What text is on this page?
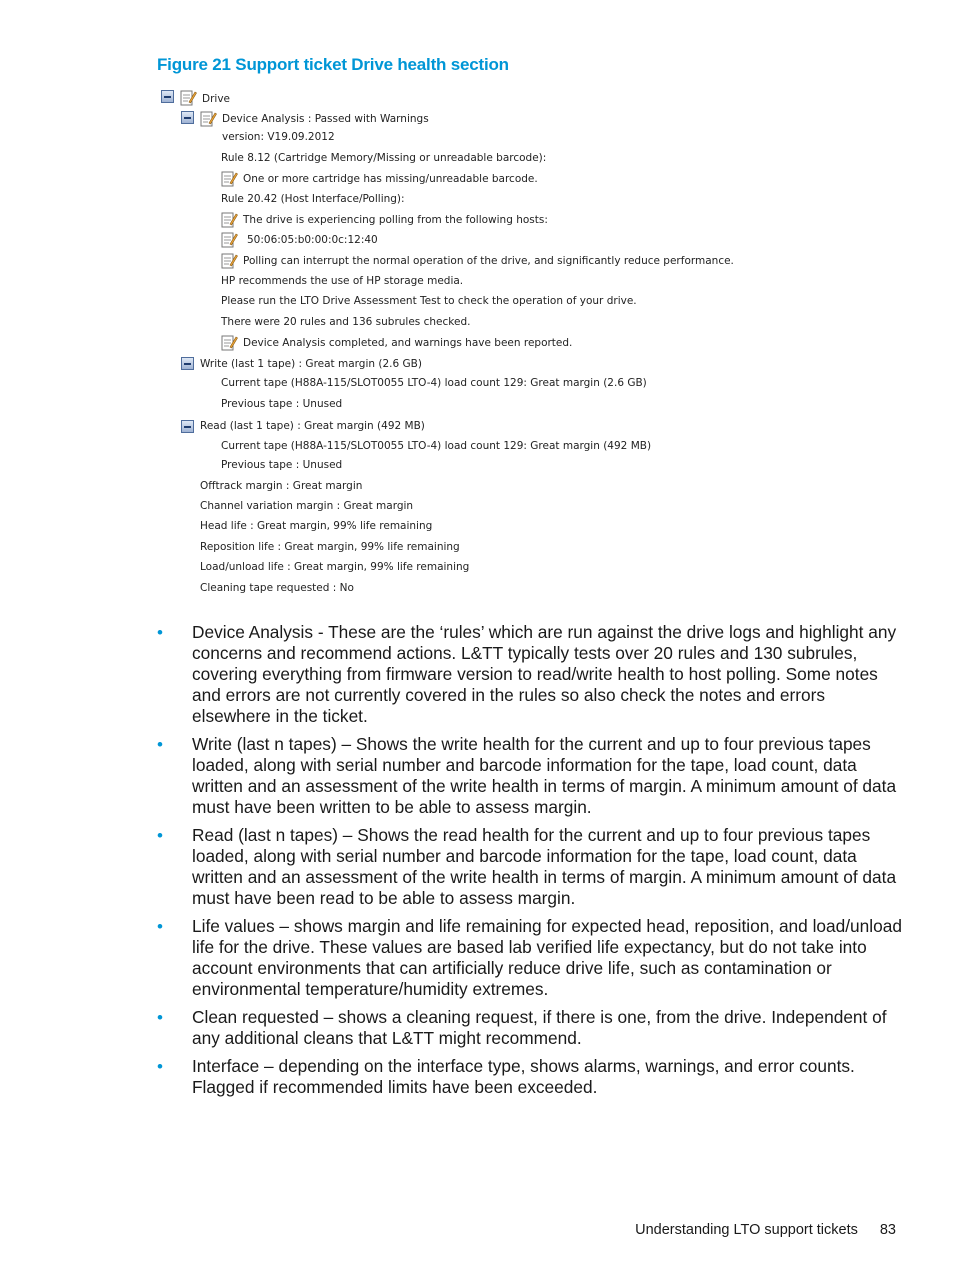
Figure 21 Support ticket Drive health section
Drive
Device Analysis : Passed with Warnings
version: V19.09.2012
Rule 8.12 (Cartridge Memory/Missing or unreadable barcode):
One or more cartridge has missing/unreadable barcode.
Rule 20.42 (Host Interface/Polling):
The drive is experiencing polling from the following hosts:
50:06:05:b0:00:0c:12:40
Polling can interrupt the normal operation of the drive, and significantly reduce performance.
HP recommends the use of HP storage media.
Please run the LTO Drive Assessment Test to check the operation of your drive.
There were 20 rules and 136 subrules checked.
Device Analysis completed, and warnings have been reported.
Write (last 1 tape) : Great margin (2.6 GB)
Current tape (H88A-115/SLOT0055 LTO-4) load count 129: Great margin (2.6 GB)
Previous tape : Unused
Read (last 1 tape) : Great margin (492 MB)
Current tape (H88A-115/SLOT0055 LTO-4) load count 129: Great margin (492 MB)
Previous tape : Unused
Offtrack margin : Great margin
Channel variation margin : Great margin
Head life : Great margin, 99% life remaining
Reposition life : Great margin, 99% life remaining
Load/unload life : Great margin, 99% life remaining
Cleaning tape requested : No
• Device Analysis - These are the ‘rules’ which are run against the drive logs and highlight any concerns and recommend actions. L&TT typically tests over 20 rules and 130 subrules, covering everything from firmware version to read/write health to host polling. Some notes and errors are not currently covered in the rules so also check the notes and errors elsewhere in the ticket.
• Write (last n tapes) – Shows the write health for the current and up to four previous tapes loaded, along with serial number and barcode information for the tape, load count, data written and an assessment of the write health in terms of margin. A minimum amount of data must have been written to be able to assess margin.
• Read (last n tapes) – Shows the read health for the current and up to four previous tapes loaded, along with serial number and barcode information for the tape, load count, data written and an assessment of the write health in terms of margin. A minimum amount of data must have been read to be able to assess margin.
• Life values – shows margin and life remaining for expected head, reposition, and load/unload life for the drive. These values are based lab verified life expectancy, but do not take into account environments that can artificially reduce drive life, such as contamination or environmental temperature/humidity extremes.
• Clean requested – shows a cleaning request, if there is one, from the drive. Independent of any additional cleans that L&TT might recommend.
• Interface – depending on the interface type, shows alarms, warnings, and error counts. Flagged if recommended limits have been exceeded.
Understanding LTO support tickets 83
